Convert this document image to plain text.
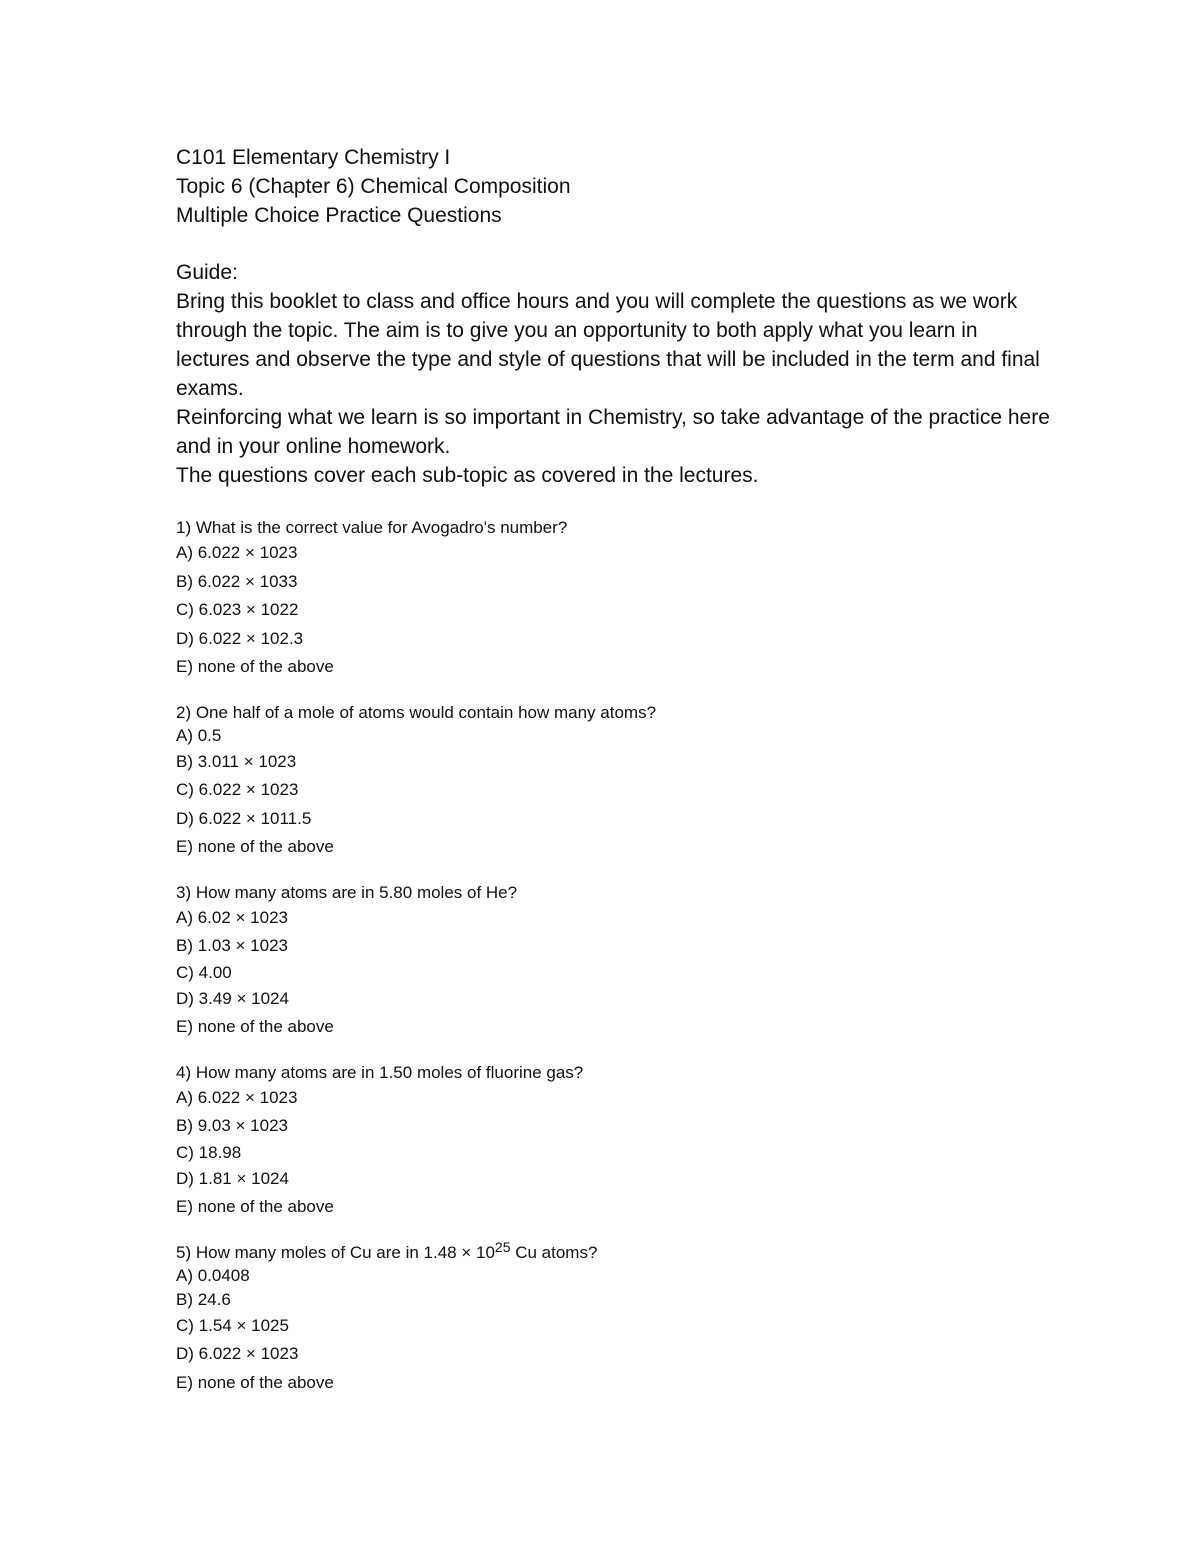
C101 Elementary Chemistry I
Topic 6 (Chapter 6) Chemical Composition
Multiple Choice Practice Questions
Guide:
Bring this booklet to class and office hours and you will complete the questions as we work through the topic. The aim is to give you an opportunity to both apply what you learn in lectures and observe the type and style of questions that will be included in the term and final exams.
Reinforcing what we learn is so important in Chemistry, so take advantage of the practice here and in your online homework.
The questions cover each sub-topic as covered in the lectures.
1) What is the correct value for Avogadro's number?
A) 6.022 × 1023
B) 6.022 × 1033
C) 6.023 × 1022
D) 6.022 × 102.3
E) none of the above
2) One half of a mole of atoms would contain how many atoms?
A) 0.5
B) 3.011 × 1023
C) 6.022 × 1023
D) 6.022 × 1011.5
E) none of the above
3) How many atoms are in 5.80 moles of He?
A) 6.02 × 1023
B) 1.03 × 1023
C) 4.00
D) 3.49 × 1024
E) none of the above
4) How many atoms are in 1.50 moles of fluorine gas?
A) 6.022 × 1023
B) 9.03 × 1023
C) 18.98
D) 1.81 × 1024
E) none of the above
5) How many moles of Cu are in $1.48 \times 10^{25}$ Cu atoms?
A) 0.0408
B) 24.6
C) 1.54 × 1025
D) 6.022 × 1023
E) none of the above
